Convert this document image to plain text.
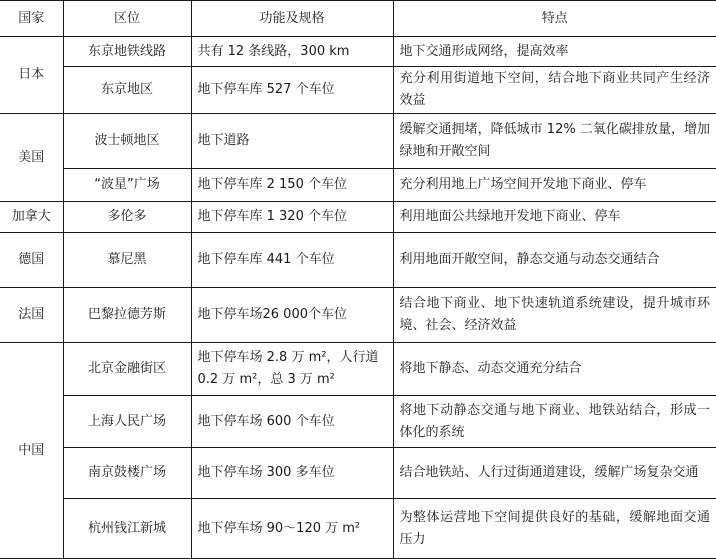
国家	区位	功能及规格	特点
日本	东京地铁线路	共有 12 条线路，300 km	地下交通形成网络，提高效率
	东京地区	地下停车库 527 个车位	充分利用街道地下空间，结合地下商业共同产生经济效益
美国	波士顿地区	地下道路	缓解交通拥堵，降低城市 12% 二氧化碳排放量，增加绿地和开敞空间
	“波星”广场	地下停车库 2 150 个车位	充分利用地上广场空间开发地下商业、停车
加拿大	多伦多	地下停车库 1 320 个车位	利用地面公共绿地开发地下商业、停车
德国	慕尼黑	地下停车库 441 个车位	利用地面开敞空间，静态交通与动态交通结合
法国	巴黎拉德芳斯	地下停车场26 000个车位	结合地下商业、地下快速轨道系统建设，提升城市环境、社会、经济效益
中国	北京金融街区	地下停车场 2.8 万 m²，人行道 0.2 万 m²，总 3 万 m²	将地下静态、动态交通充分结合
	上海人民广场	地下停车场 600 个车位	将地下动静态交通与地下商业、地铁站结合，形成一体化的系统
	南京鼓楼广场	地下停车场 300 多车位	结合地铁站、人行过街通道建设，缓解广场复杂交通
	杭州钱江新城	地下停车场 90～120 万 m²	为整体运营地下空间提供良好的基础，缓解地面交通压力
